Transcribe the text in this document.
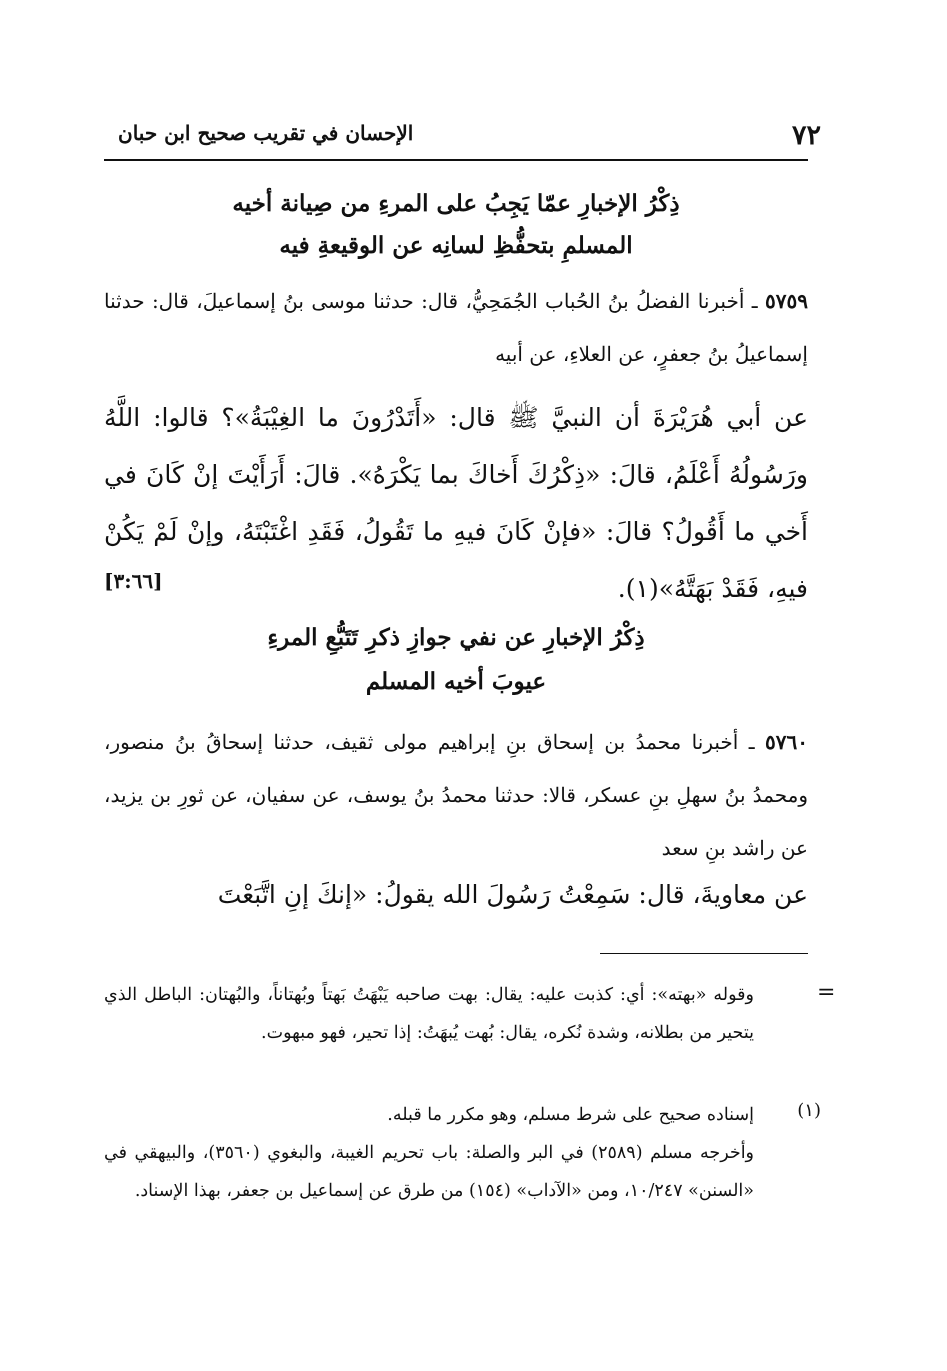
٧٢
الإحسان في تقريب صحيح ابن حبان
ذِكْرُ الإخبارِ عمّا يَجِبُ على المرءِ من صِيانة أخيه
المسلمِ بتحفُّظِ لسانِه عن الوقيعةِ فيه
٥٧٥٩ ـ أخبرنا الفضلُ بنُ الحُباب الجُمَحِيُّ، قال: حدثنا موسى بنُ إسماعيلَ، قال: حدثنا إسماعيلُ بنُ جعفرٍ، عن العلاءِ، عن أبيه
عن أبي هُرَيْرَةَ أن النبيَّ ﷺ قال: «أَتَدْرُونَ ما الغِيْبَةُ»؟ قالوا: اللَّهُ ورَسُولُهُ أَعْلَمُ، قالَ: «ذِكْرُكَ أَخاكَ بما يَكْرَهُ». قالَ: أَرَأَيْتَ إنْ كَانَ في أَخي ما أَقُولُ؟ قالَ: «فإنْ كَانَ فيهِ ما تَقُولُ، فَقَدِ اغْتَبْتَهُ، وإنْ لَمْ يَكُنْ فيهِ، فَقَدْ بَهَتَّهُ»(١).
[٣:٦٦]
ذِكْرُ الإخبارِ عن نفي جوازِ ذكرِ تَتَبُّعِ المرءِ
عيوبَ أخيه المسلم
٥٧٦٠ ـ أخبرنا محمدُ بن إسحاق بنِ إبراهيم مولى ثقيف، حدثنا إسحاقُ بنُ منصور، ومحمدُ بنُ سهلِ بنِ عسكر، قالا: حدثنا محمدُ بنُ يوسف، عن سفيان، عن ثورِ بن يزيد، عن راشد بنِ سعد
عن معاويةَ، قال: سَمِعْتُ رَسُولَ الله يقولُ: «إنكَ إنِ اتَّبَعْتَ
=
وقوله «بهته»: أي: كذبت عليه: يقال: بهت صاحبه يَبْهَتُ بَهتاً وبُهتاناً، والبُهتان: الباطل الذي يتحير من بطلانه، وشدة نُكره، يقال: بُهت يُبهَتُ: إذا تحير، فهو مبهوت.
(١)
إسناده صحيح على شرط مسلم، وهو مكرر ما قبله.
وأخرجه مسلم (٢٥٨٩) في البر والصلة: باب تحريم الغيبة، والبغوي (٣٥٦٠)، والبيهقي في «السنن» ١٠/٢٤٧، ومن «الآداب» (١٥٤) من طرق عن إسماعيل بن جعفر، بهذا الإسناد.
